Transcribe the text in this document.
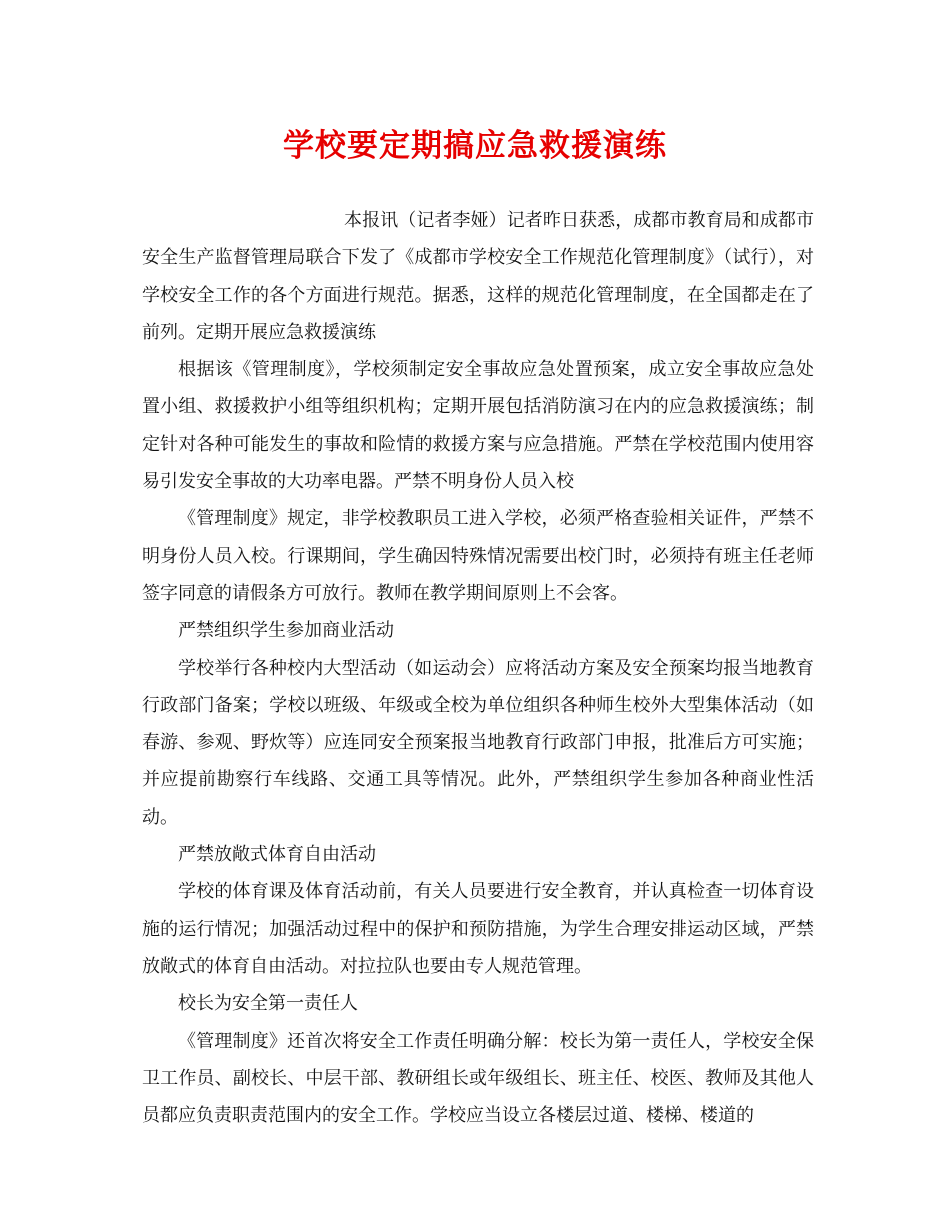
学校要定期搞应急救援演练

本报讯（记者李娅）记者昨日获悉，成都市教育局和成都市安全生产监督管理局联合下发了《成都市学校安全工作规范化管理制度》（试行），对学校安全工作的各个方面进行规范。据悉，这样的规范化管理制度，在全国都走在了前列。定期开展应急救援演练

根据该《管理制度》，学校须制定安全事故应急处置预案，成立安全事故应急处置小组、救援救护小组等组织机构；定期开展包括消防演习在内的应急救援演练；制定针对各种可能发生的事故和险情的救援方案与应急措施。严禁在学校范围内使用容易引发安全事故的大功率电器。严禁不明身份人员入校

《管理制度》规定，非学校教职员工进入学校，必须严格查验相关证件，严禁不明身份人员入校。行课期间，学生确因特殊情况需要出校门时，必须持有班主任老师签字同意的请假条方可放行。教师在教学期间原则上不会客。

严禁组织学生参加商业活动

学校举行各种校内大型活动（如运动会）应将活动方案及安全预案均报当地教育行政部门备案；学校以班级、年级或全校为单位组织各种师生校外大型集体活动（如春游、参观、野炊等）应连同安全预案报当地教育行政部门申报，批准后方可实施；并应提前勘察行车线路、交通工具等情况。此外，严禁组织学生参加各种商业性活动。

严禁放敞式体育自由活动

学校的体育课及体育活动前，有关人员要进行安全教育，并认真检查一切体育设施的运行情况；加强活动过程中的保护和预防措施，为学生合理安排运动区域，严禁放敞式的体育自由活动。对拉拉队也要由专人规范管理。

校长为安全第一责任人

《管理制度》还首次将安全工作责任明确分解：校长为第一责任人，学校安全保卫工作员、副校长、中层干部、教研组长或年级组长、班主任、校医、教师及其他人员都应负责职责范围内的安全工作。学校应当设立各楼层过道、楼梯、楼道的
